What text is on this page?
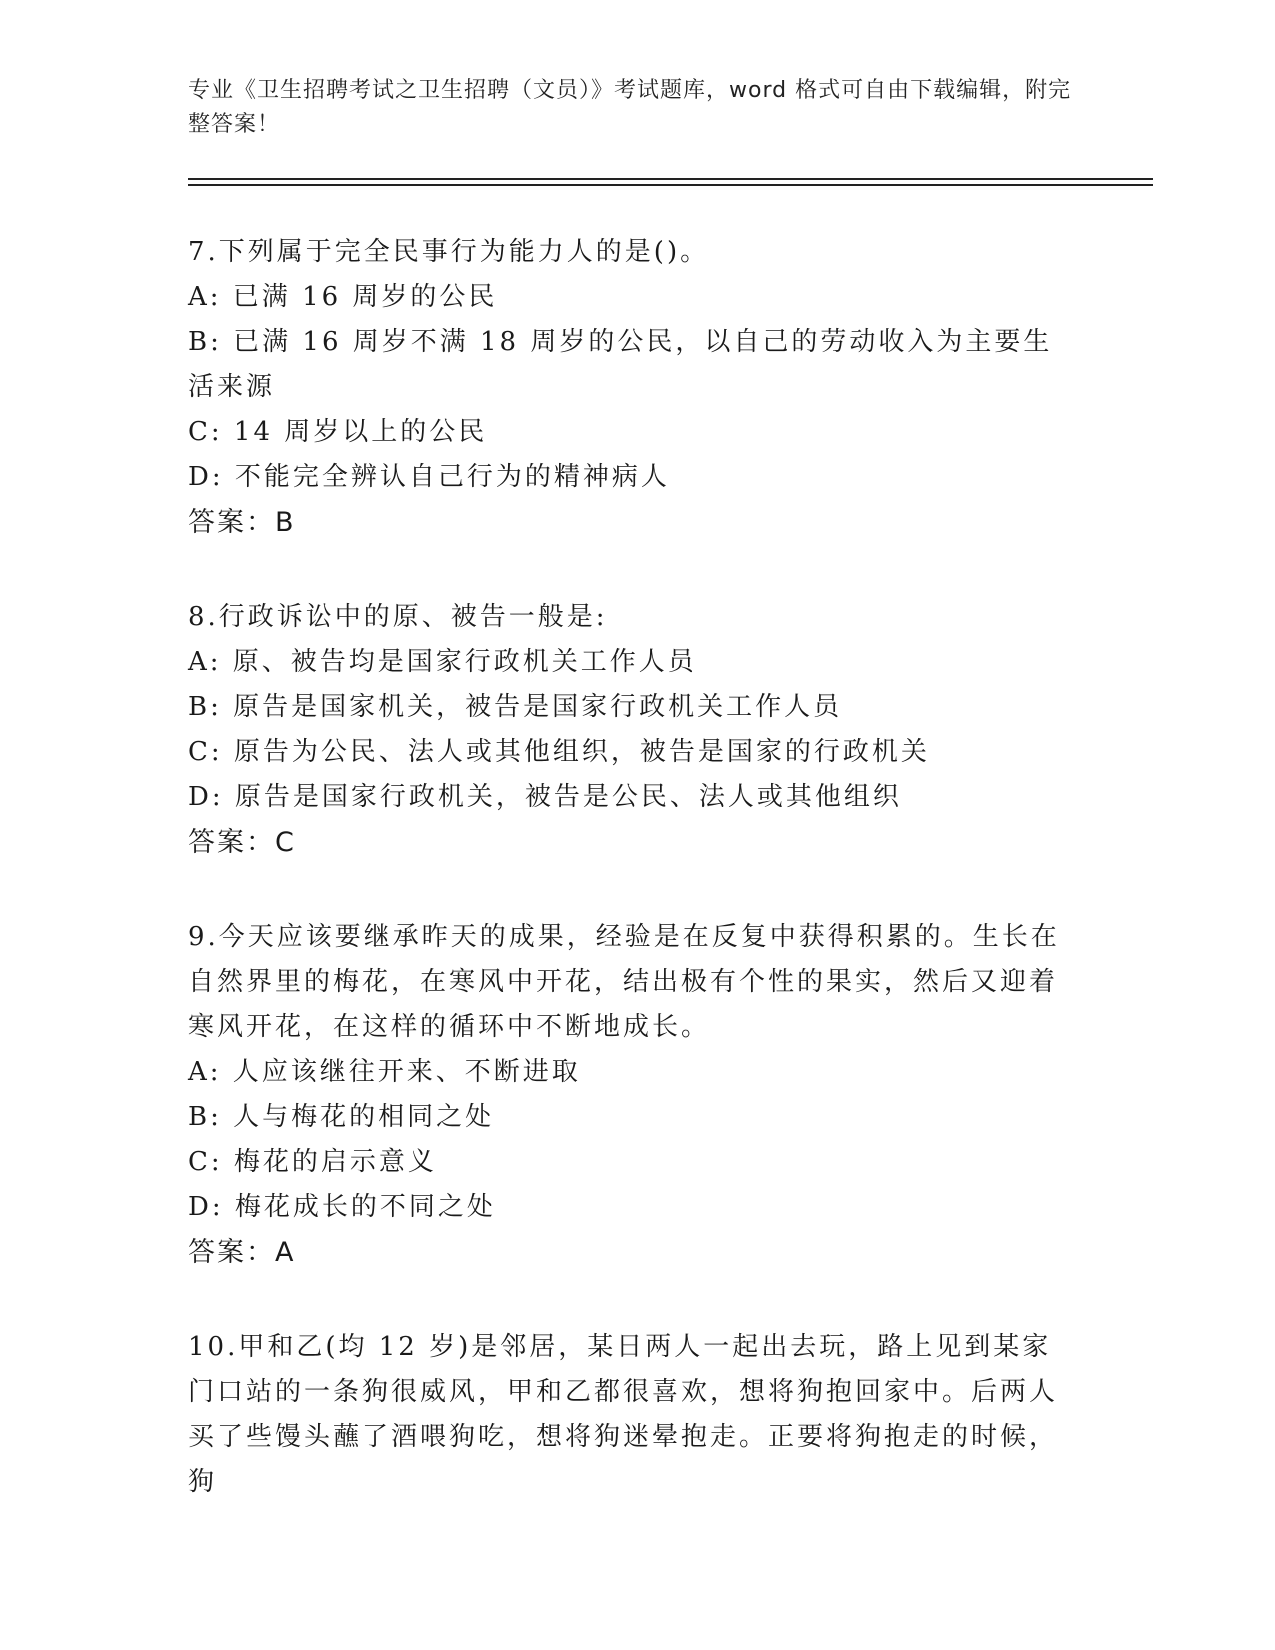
专业《卫生招聘考试之卫生招聘（文员）》考试题库，word 格式可自由下载编辑，附完整答案！

7.下列属于完全民事行为能力人的是()。

A: 已满 16 周岁的公民

B: 已满 16 周岁不满 18 周岁的公民，以自己的劳动收入为主要生活来源

C: 14 周岁以上的公民

D: 不能完全辨认自己行为的精神病人

答案：B

8.行政诉讼中的原、被告一般是:

A: 原、被告均是国家行政机关工作人员

B: 原告是国家机关，被告是国家行政机关工作人员

C: 原告为公民、法人或其他组织，被告是国家的行政机关

D: 原告是国家行政机关，被告是公民、法人或其他组织

答案：C

9.今天应该要继承昨天的成果，经验是在反复中获得积累的。生长在自然界里的梅花，在寒风中开花，结出极有个性的果实，然后又迎着寒风开花，在这样的循环中不断地成长。

A: 人应该继往开来、不断进取

B: 人与梅花的相同之处

C: 梅花的启示意义

D: 梅花成长的不同之处

答案：A

10.甲和乙(均 12 岁)是邻居，某日两人一起出去玩，路上见到某家门口站的一条狗很威风，甲和乙都很喜欢，想将狗抱回家中。后两人买了些馒头蘸了酒喂狗吃，想将狗迷晕抱走。正要将狗抱走的时候，狗
